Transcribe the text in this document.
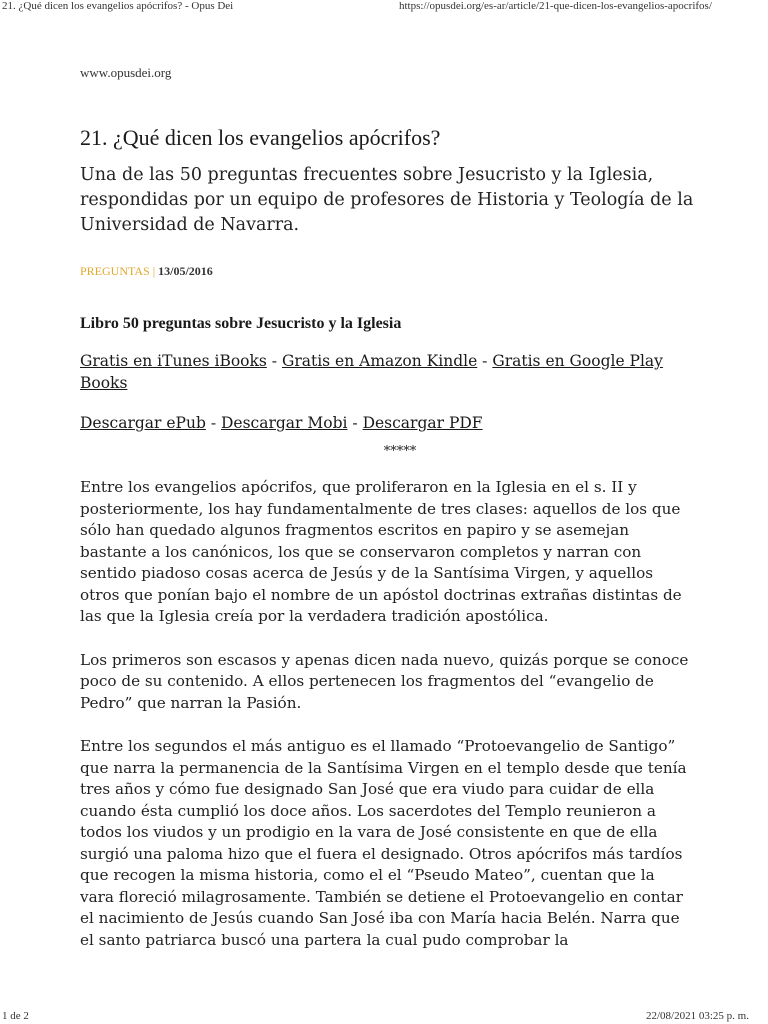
21. ¿Qué dicen los evangelios apócrifos? - Opus Dei	https://opusdei.org/es-ar/article/21-que-dicen-los-evangelios-apocrifos/
www.opusdei.org
21. ¿Qué dicen los evangelios apócrifos?
Una de las 50 preguntas frecuentes sobre Jesucristo y la Iglesia, respondidas por un equipo de profesores de Historia y Teología de la Universidad de Navarra.
PREGUNTAS | 13/05/2016
Libro 50 preguntas sobre Jesucristo y la Iglesia
Gratis en iTunes iBooks - Gratis en Amazon Kindle - Gratis en Google Play Books
Descargar ePub - Descargar Mobi - Descargar PDF
*****

Entre los evangelios apócrifos, que proliferaron en la Iglesia en el s. II y posteriormente, los hay fundamentalmente de tres clases: aquellos de los que sólo han quedado algunos fragmentos escritos en papiro y se asemejan bastante a los canónicos, los que se conservaron completos y narran con sentido piadoso cosas acerca de Jesús y de la Santísima Virgen, y aquellos otros que ponían bajo el nombre de un apóstol doctrinas extrañas distintas de las que la Iglesia creía por la verdadera tradición apostólica.

Los primeros son escasos y apenas dicen nada nuevo, quizás porque se conoce poco de su contenido. A ellos pertenecen los fragmentos del “evangelio de Pedro” que narran la Pasión.

Entre los segundos el más antiguo es el llamado “Protoevangelio de Santigo” que narra la permanencia de la Santísima Virgen en el templo desde que tenía tres años y cómo fue designado San José que era viudo para cuidar de ella cuando ésta cumplió los doce años. Los sacerdotes del Templo reunieron a todos los viudos y un prodigio en la vara de José consistente en que de ella surgió una paloma hizo que el fuera el designado. Otros apócrifos más tardíos que recogen la misma historia, como el el “Pseudo Mateo”, cuentan que la vara floreció milagrosamente. También se detiene el Protoevangelio en contar el nacimiento de Jesús cuando San José iba con María hacia Belén. Narra que el santo patriarca buscó una partera la cual pudo comprobar la

1 de 2	22/08/2021 03:25 p. m.
